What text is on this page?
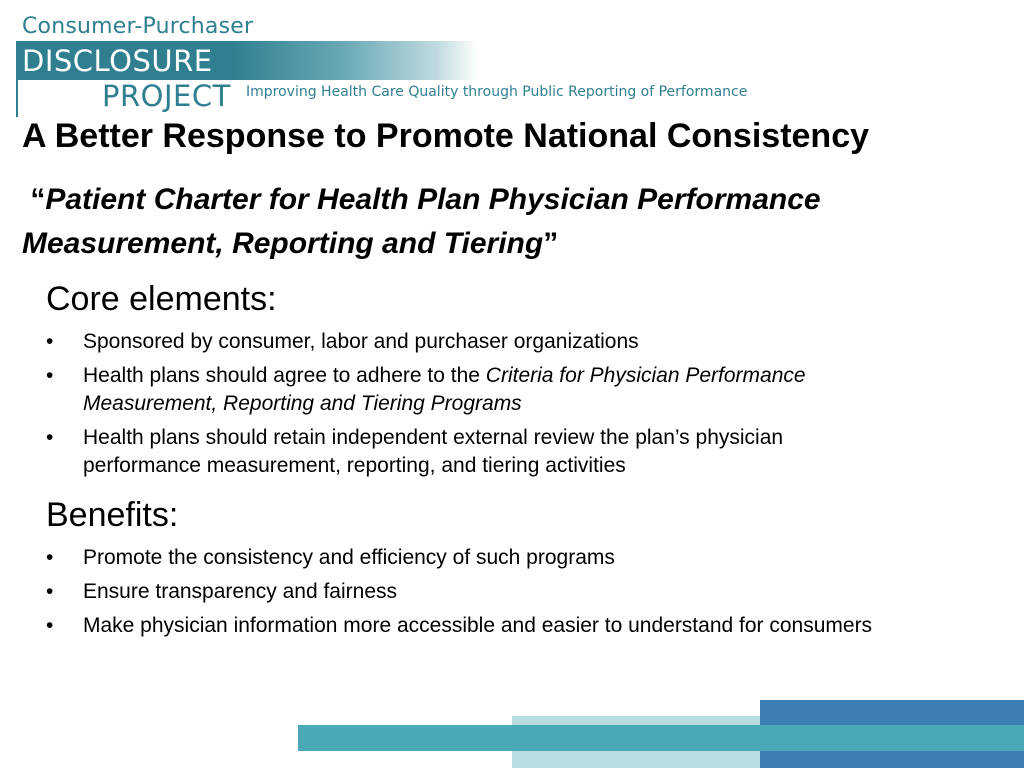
Consumer-Purchaser
DISCLOSURE
PROJECT Improving Health Care Quality through Public Reporting of Performance
A Better Response to Promote National Consistency

“Patient Charter for Health Plan Physician Performance Measurement, Reporting and Tiering”

Core elements:
• Sponsored by consumer, labor and purchaser organizations
• Health plans should agree to adhere to the Criteria for Physician Performance Measurement, Reporting and Tiering Programs
• Health plans should retain independent external review the plan’s physician performance measurement, reporting, and tiering activities
Benefits:
• Promote the consistency and efficiency of such programs
• Ensure transparency and fairness
• Make physician information more accessible and easier to understand for consumers
